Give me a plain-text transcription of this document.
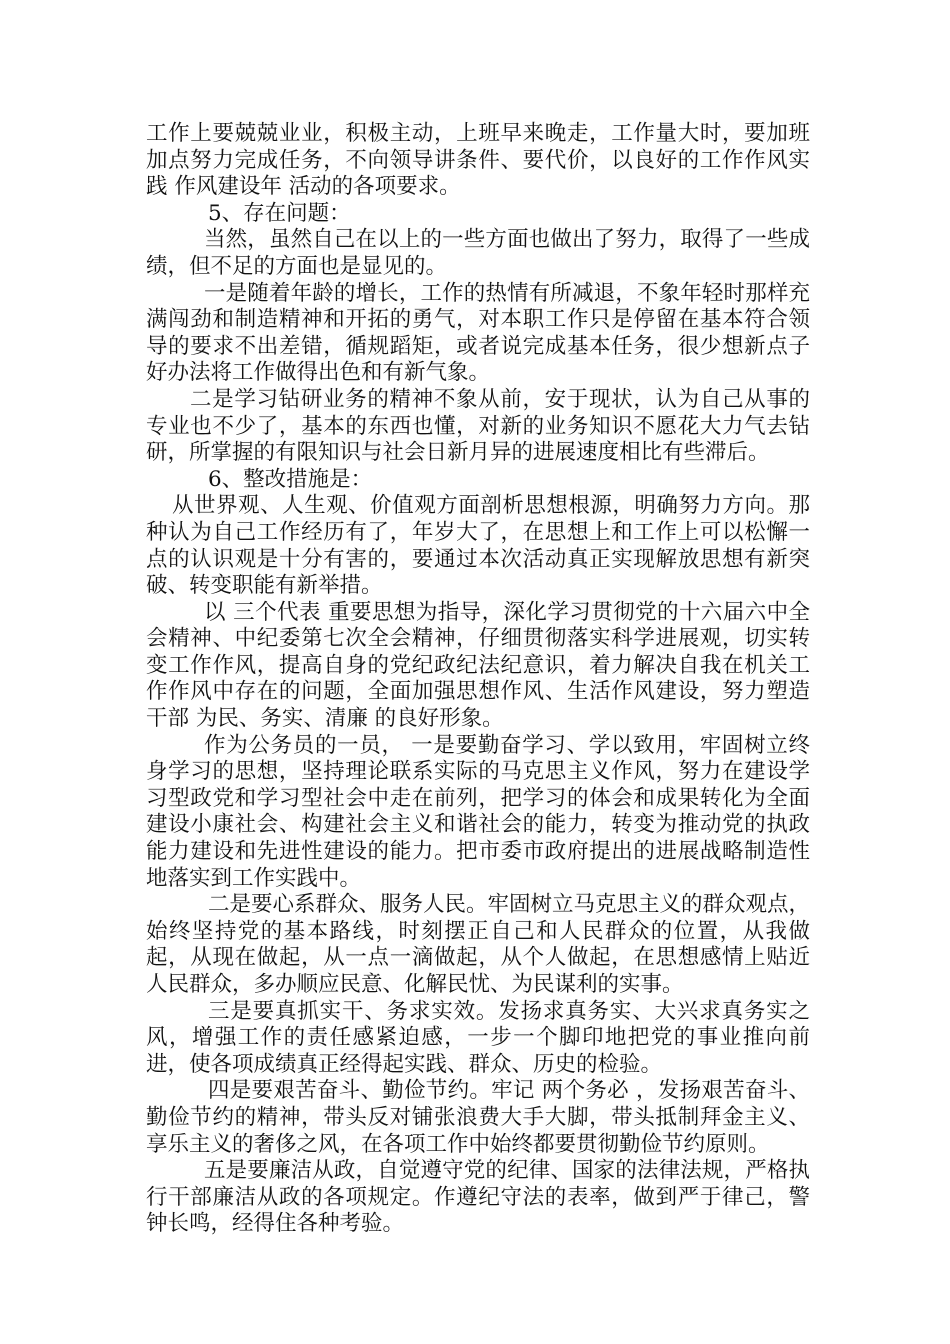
工作上要兢兢业业，积极主动，上班早来晚走，工作量大时，要加班加点努力完成任务，不向领导讲条件、要代价，以良好的工作作风实践 作风建设年 活动的各项要求。

5、存在问题：

当然，虽然自己在以上的一些方面也做出了努力，取得了一些成绩，但不足的方面也是显见的。

一是随着年龄的增长，工作的热情有所减退，不象年轻时那样充满闯劲和制造精神和开拓的勇气，对本职工作只是停留在基本符合领导的要求不出差错，循规蹈矩，或者说完成基本任务，很少想新点子好办法将工作做得出色和有新气象。

二是学习钻研业务的精神不象从前，安于现状，认为自己从事的专业也不少了，基本的东西也懂，对新的业务知识不愿花大力气去钻研，所掌握的有限知识与社会日新月异的进展速度相比有些滞后。

6、整改措施是：

从世界观、人生观、价值观方面剖析思想根源，明确努力方向。那种认为自己工作经历有了，年岁大了，在思想上和工作上可以松懈一点的认识观是十分有害的，要通过本次活动真正实现解放思想有新突破、转变职能有新举措。

以 三个代表 重要思想为指导，深化学习贯彻党的十六届六中全会精神、中纪委第七次全会精神，仔细贯彻落实科学进展观，切实转变工作作风，提高自身的党纪政纪法纪意识，着力解决自我在机关工作作风中存在的问题，全面加强思想作风、生活作风建设，努力塑造干部 为民、务实、清廉 的良好形象。

作为公务员的一员， 一是要勤奋学习、学以致用，牢固树立终身学习的思想，坚持理论联系实际的马克思主义作风，努力在建设学习型政党和学习型社会中走在前列，把学习的体会和成果转化为全面建设小康社会、构建社会主义和谐社会的能力，转变为推动党的执政能力建设和先进性建设的能力。把市委市政府提出的进展战略制造性地落实到工作实践中。

二是要心系群众、服务人民。牢固树立马克思主义的群众观点，始终坚持党的基本路线，时刻摆正自己和人民群众的位置，从我做起，从现在做起，从一点一滴做起，从个人做起，在思想感情上贴近人民群众，多办顺应民意、化解民忧、为民谋利的实事。

三是要真抓实干、务求实效。发扬求真务实、大兴求真务实之风，增强工作的责任感紧迫感，一步一个脚印地把党的事业推向前进，使各项成绩真正经得起实践、群众、历史的检验。

四是要艰苦奋斗、勤俭节约。牢记 两个务必 ，发扬艰苦奋斗、勤俭节约的精神，带头反对铺张浪费大手大脚，带头抵制拜金主义、享乐主义的奢侈之风，在各项工作中始终都要贯彻勤俭节约原则。

五是要廉洁从政，自觉遵守党的纪律、国家的法律法规，严格执行干部廉洁从政的各项规定。作遵纪守法的表率，做到严于律己，警钟长鸣，经得住各种考验。
